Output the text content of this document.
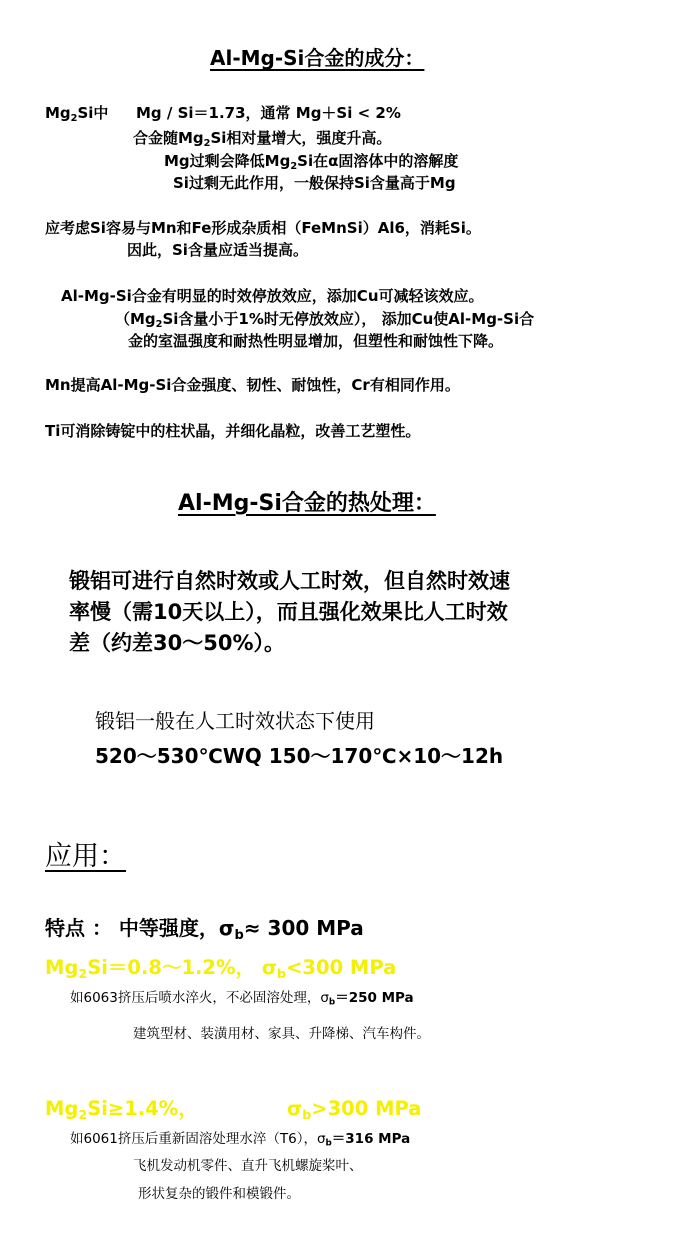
Al-Mg-Si合金的成分：
$Mg_2Si$中 Mg / Si＝1.73，通常 Mg＋Si < 2%
合金随$Mg_2Si$相对量增大，强度升高。
Mg过剩会降低$Mg_2Si$在α固溶体中的溶解度
Si过剩无此作用，一般保持Si含量高于Mg
应考虑Si容易与Mn和Fe形成杂质相（FeMnSi）Al6，消耗Si。
因此，Si含量应适当提高。
Al-Mg-Si合金有明显的时效停放效应，添加Cu可减轻该效应。
（$Mg_2Si$含量小于1%时无停放效应）， 添加Cu使Al-Mg-Si合
金的室温强度和耐热性明显增加，但塑性和耐蚀性下降。
Mn提高Al-Mg-Si合金强度、韧性、耐蚀性，Cr有相同作用。
Ti可消除铸锭中的柱状晶，并细化晶粒，改善工艺塑性。
Al-Mg-Si合金的热处理：
锻铝可进行自然时效或人工时效，但自然时效速
率慢（需10天以上），而且强化效果比人工时效
差（约差30～50%）。
锻铝一般在人工时效状态下使用
520～530℃WQ 150～170℃×10～12h
应用：
特点 ： 中等强度，$\sigma_b\approx 300$ MPa
$Mg_2Si=0.8\sim 1.2\%$， $\sigma_b<300$ MPa
如6063挤压后喷水淬火，不必固溶处理，$\sigma_b=250$ MPa
建筑型材、装潢用材、家具、升降梯、汽车构件。
$Mg_2Si\ge 1.4\%$，	$\sigma_b>300$ MPa
如6061挤压后重新固溶处理水淬（T6），$\sigma_b=316$ MPa
飞机发动机零件、直升飞机螺旋桨叶、
形状复杂的锻件和模锻件。
